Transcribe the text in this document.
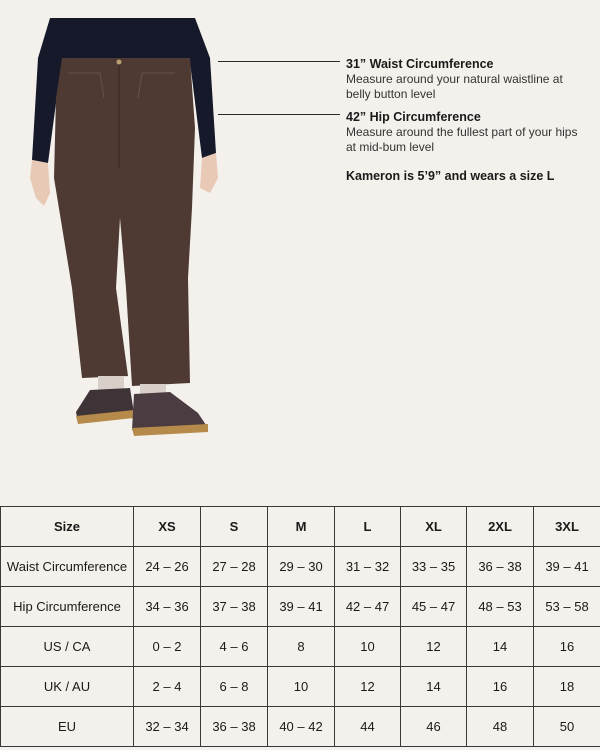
31” Waist Circumference
Measure around your natural waistline at
belly button level
42” Hip Circumference
Measure around the fullest part of your hips
at mid-bum level
Kameron is 5’9” and wears a size L
Size	XS	S	M	L	XL	2XL	3XL
Waist Circumference	24 – 26	27 – 28	29 – 30	31 – 32	33 – 35	36 – 38	39 – 41
Hip Circumference	34 – 36	37 – 38	39 – 41	42 – 47	45 – 47	48 – 53	53 – 58
US / CA	0 – 2	4 – 6	8	10	12	14	16
UK / AU	2 – 4	6 – 8	10	12	14	16	18
EU	32 – 34	36 – 38	40 – 42	44	46	48	50
